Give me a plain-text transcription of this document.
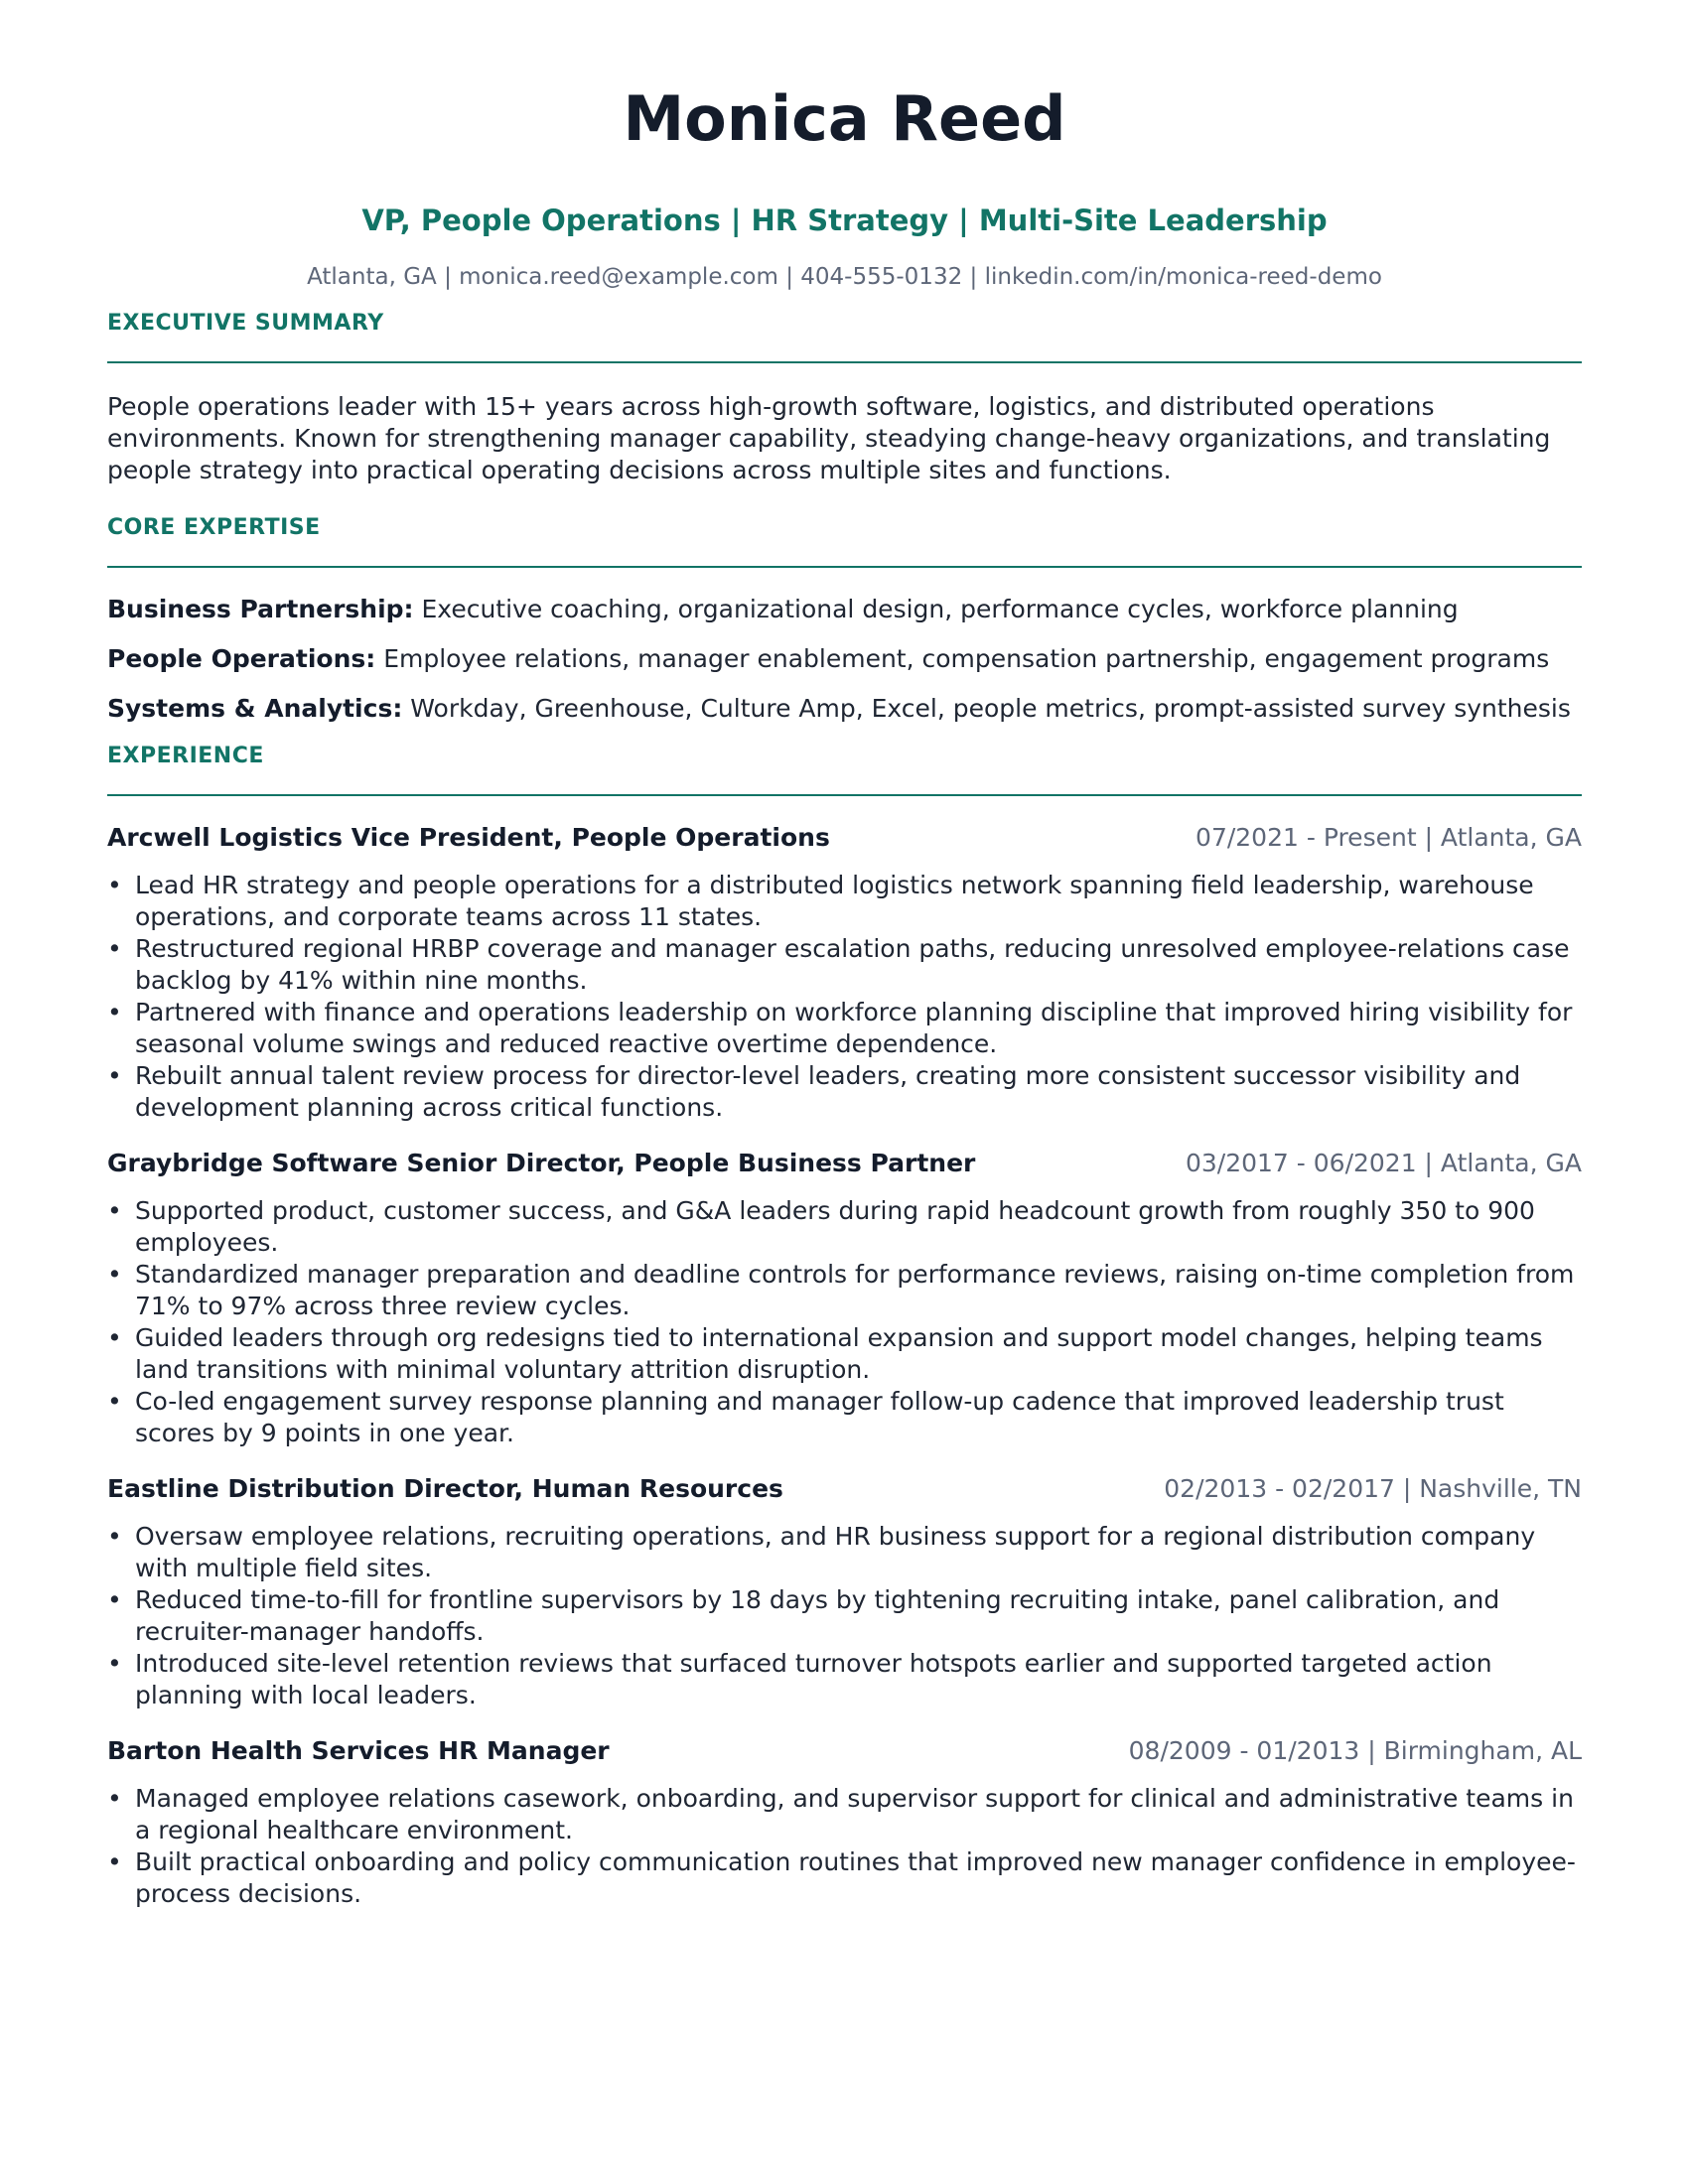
Monica Reed
VP, People Operations | HR Strategy | Multi-Site Leadership
Atlanta, GA | monica.reed@example.com | 404-555-0132 | linkedin.com/in/monica-reed-demo
EXECUTIVE SUMMARY
People operations leader with 15+ years across high-growth software, logistics, and distributed operations environments. Known for strengthening manager capability, steadying change-heavy organizations, and translating people strategy into practical operating decisions across multiple sites and functions.
CORE EXPERTISE
Business Partnership: Executive coaching, organizational design, performance cycles, workforce planning
People Operations: Employee relations, manager enablement, compensation partnership, engagement programs
Systems & Analytics: Workday, Greenhouse, Culture Amp, Excel, people metrics, prompt-assisted survey synthesis
EXPERIENCE
Arcwell Logistics Vice President, People Operations	07/2021 - Present | Atlanta, GA
• Lead HR strategy and people operations for a distributed logistics network spanning field leadership, warehouse operations, and corporate teams across 11 states.
• Restructured regional HRBP coverage and manager escalation paths, reducing unresolved employee-relations case backlog by 41% within nine months.
• Partnered with finance and operations leadership on workforce planning discipline that improved hiring visibility for seasonal volume swings and reduced reactive overtime dependence.
• Rebuilt annual talent review process for director-level leaders, creating more consistent successor visibility and development planning across critical functions.
Graybridge Software Senior Director, People Business Partner	03/2017 - 06/2021 | Atlanta, GA
• Supported product, customer success, and G&A leaders during rapid headcount growth from roughly 350 to 900 employees.
• Standardized manager preparation and deadline controls for performance reviews, raising on-time completion from 71% to 97% across three review cycles.
• Guided leaders through org redesigns tied to international expansion and support model changes, helping teams land transitions with minimal voluntary attrition disruption.
• Co-led engagement survey response planning and manager follow-up cadence that improved leadership trust scores by 9 points in one year.
Eastline Distribution Director, Human Resources	02/2013 - 02/2017 | Nashville, TN
• Oversaw employee relations, recruiting operations, and HR business support for a regional distribution company with multiple field sites.
• Reduced time-to-fill for frontline supervisors by 18 days by tightening recruiting intake, panel calibration, and recruiter-manager handoffs.
• Introduced site-level retention reviews that surfaced turnover hotspots earlier and supported targeted action planning with local leaders.
Barton Health Services HR Manager	08/2009 - 01/2013 | Birmingham, AL
• Managed employee relations casework, onboarding, and supervisor support for clinical and administrative teams in a regional healthcare environment.
• Built practical onboarding and policy communication routines that improved new manager confidence in employee-process decisions.
